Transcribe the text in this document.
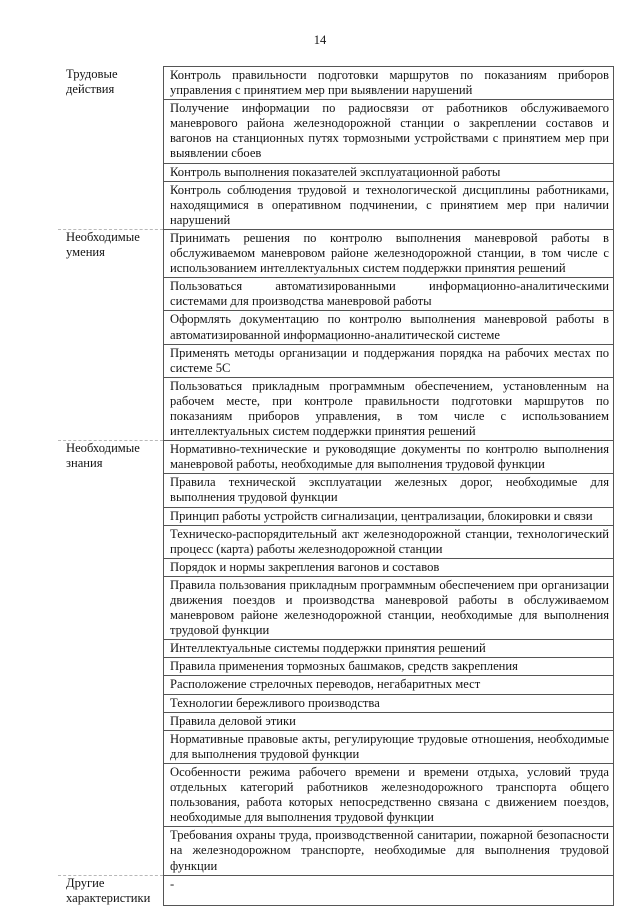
14
Трудовые действия	Контроль правильности подготовки маршрутов по показаниям приборов управления с принятием мер при выявлении нарушений
	Получение информации по радиосвязи от работников обслуживаемого маневрового района железнодорожной станции о закреплении составов и вагонов на станционных путях тормозными устройствами с принятием мер при выявлении сбоев
	Контроль выполнения показателей эксплуатационной работы
	Контроль соблюдения трудовой и технологической дисциплины работниками, находящимися в оперативном подчинении, с принятием мер при наличии нарушений
Необходимые умения	Принимать решения по контролю выполнения маневровой работы в обслуживаемом маневровом районе железнодорожной станции, в том числе с использованием интеллектуальных систем поддержки принятия решений
	Пользоваться автоматизированными информационно-аналитическими системами для производства маневровой работы
	Оформлять документацию по контролю выполнения маневровой работы в автоматизированной информационно-аналитической системе
	Применять методы организации и поддержания порядка на рабочих местах по системе 5С
	Пользоваться прикладным программным обеспечением, установленным на рабочем месте, при контроле правильности подготовки маршрутов по показаниям приборов управления, в том числе с использованием интеллектуальных систем поддержки принятия решений
Необходимые знания	Нормативно-технические и руководящие документы по контролю выполнения маневровой работы, необходимые для выполнения трудовой функции
	Правила технической эксплуатации железных дорог, необходимые для выполнения трудовой функции
	Принцип работы устройств сигнализации, централизации, блокировки и связи
	Техническо-распорядительный акт железнодорожной станции, технологический процесс (карта) работы железнодорожной станции
	Порядок и нормы закрепления вагонов и составов
	Правила пользования прикладным программным обеспечением при организации движения поездов и производства маневровой работы в обслуживаемом маневровом районе железнодорожной станции, необходимые для выполнения трудовой функции
	Интеллектуальные системы поддержки принятия решений
	Правила применения тормозных башмаков, средств закрепления
	Расположение стрелочных переводов, негабаритных мест
	Технологии бережливого производства
	Правила деловой этики
	Нормативные правовые акты, регулирующие трудовые отношения, необходимые для выполнения трудовой функции
	Особенности режима рабочего времени и времени отдыха, условий труда отдельных категорий работников железнодорожного транспорта общего пользования, работа которых непосредственно связана с движением поездов, необходимые для выполнения трудовой функции
	Требования охраны труда, производственной санитарии, пожарной безопасности на железнодорожном транспорте, необходимые для выполнения трудовой функции
Другие характеристики	-
